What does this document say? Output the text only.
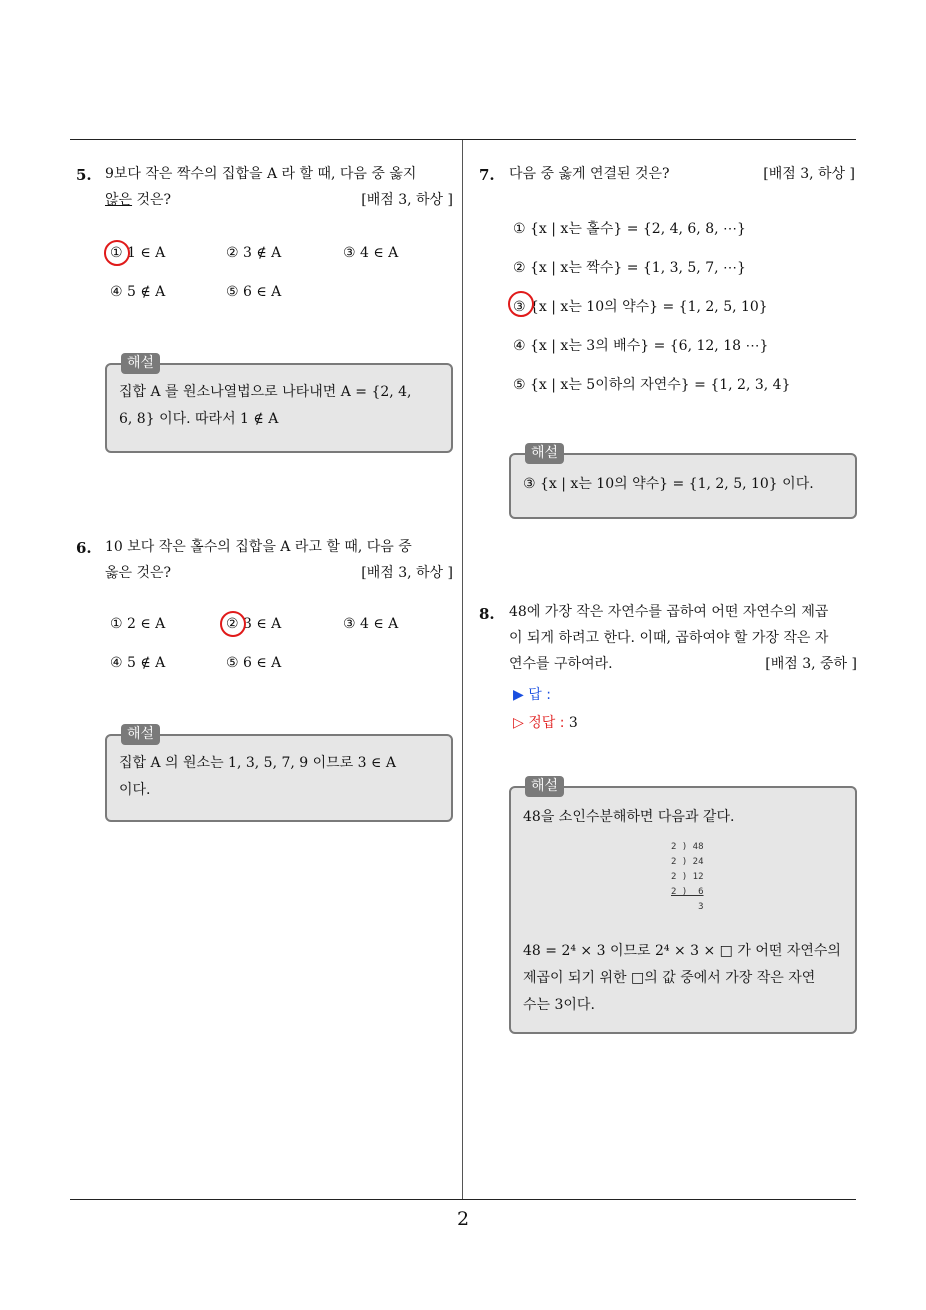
2
5. 9보다 작은 짝수의 집합을 A 라 할 때, 다음 중 옳지
않은 것은?	[배점 3, 하상 ]
① 1 ∈ A	② 3 ∉ A	③ 4 ∈ A
④ 5 ∉ A	⑤ 6 ∈ A
해설
집합 A 를 원소나열법으로 나타내면 A = {2, 4,
6, 8} 이다. 따라서 1 ∉ A
6. 10 보다 작은 홀수의 집합을 A 라고 할 때, 다음 중
옳은 것은?	[배점 3, 하상 ]
① 2 ∈ A	② 3 ∈ A	③ 4 ∈ A
④ 5 ∉ A	⑤ 6 ∈ A
해설
집합 A 의 원소는 1, 3, 5, 7, 9 이므로 3 ∈ A
이다.
7. 다음 중 옳게 연결된 것은?	[배점 3, 하상 ]
① {x | x는 홀수} = {2, 4, 6, 8, ⋯}
② {x | x는 짝수} = {1, 3, 5, 7, ⋯}
③ {x | x는 10의 약수} = {1, 2, 5, 10}
④ {x | x는 3의 배수} = {6, 12, 18 ⋯}
⑤ {x | x는 5이하의 자연수} = {1, 2, 3, 4}
해설
③ {x | x는 10의 약수} = {1, 2, 5, 10} 이다.
8. 48에 가장 작은 자연수를 곱하여 어떤 자연수의 제곱
이 되게 하려고 한다. 이때, 곱하여야 할 가장 작은 자
연수를 구하여라.	[배점 3, 중하 ]
▶ 답 :
▷ 정답 : 3
해설
48을 소인수분해하면 다음과 같다.
2 ) 48
2 ) 24
2 ) 12
2 )  6
3
48 = 2⁴ × 3 이므로 2⁴ × 3 × □ 가 어떤 자연수의
제곱이 되기 위한 □의 값 중에서 가장 작은 자연
수는 3이다.
